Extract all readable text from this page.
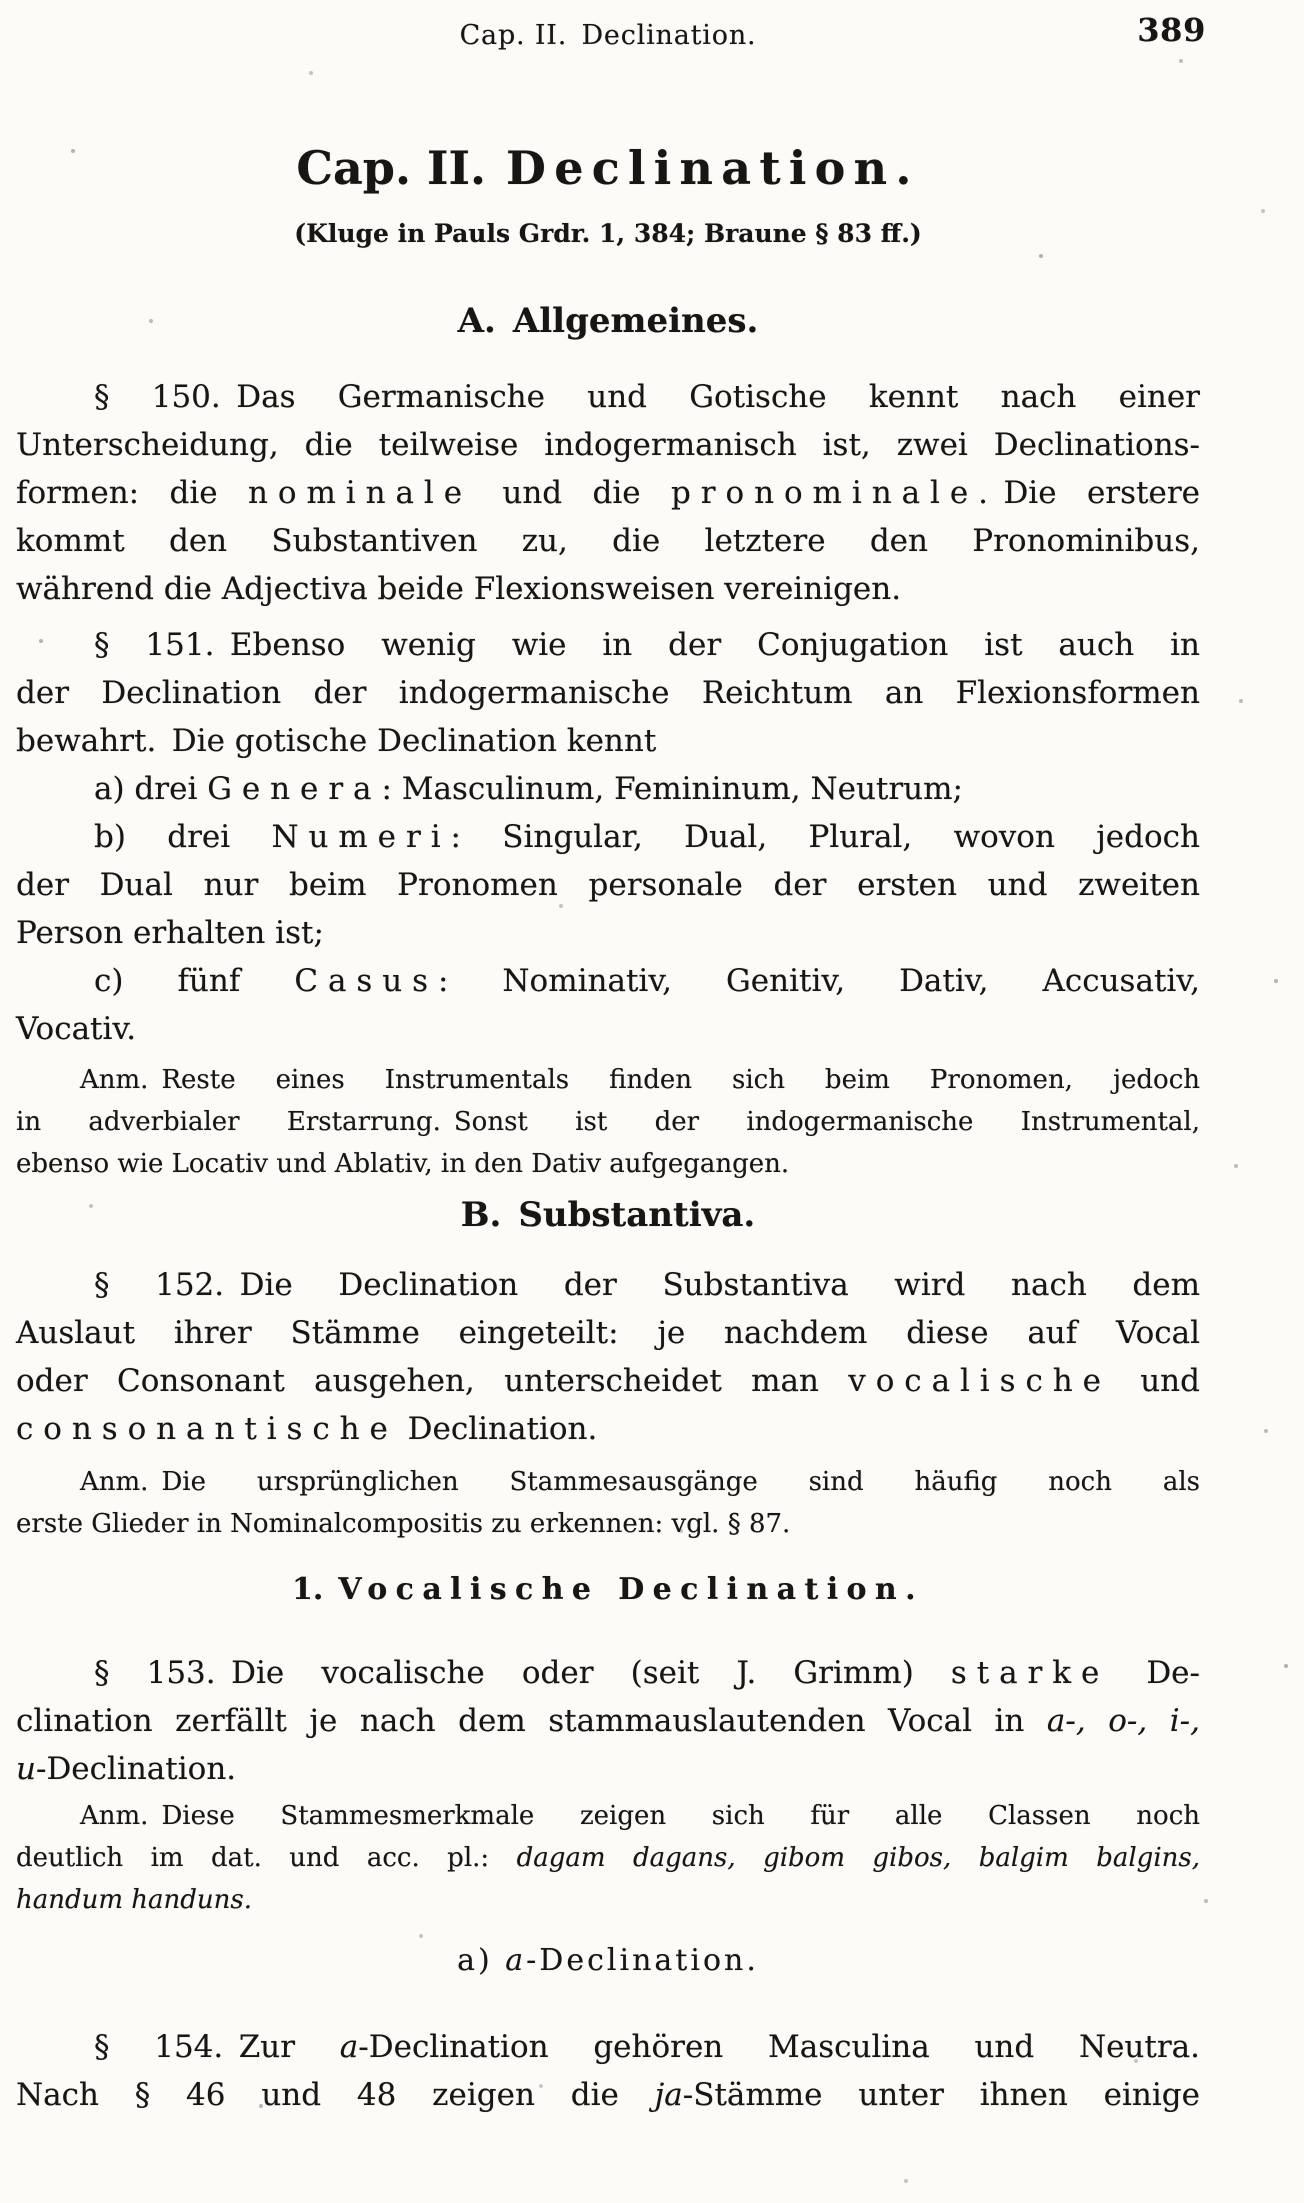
Cap. II. Declination.	389
Cap. II. Declination.
(Kluge in Pauls Grdr. 1, 384; Braune § 83 ff.)
A. Allgemeines.
§ 150. Das Germanische und Gotische kennt nach einer
Unterscheidung, die teilweise indogermanisch ist, zwei Declinations-
formen: die nominale und die pronominale. Die erstere
kommt den Substantiven zu, die letztere den Pronominibus,
während die Adjectiva beide Flexionsweisen vereinigen.
§ 151. Ebenso wenig wie in der Conjugation ist auch in
der Declination der indogermanische Reichtum an Flexionsformen
bewahrt. Die gotische Declination kennt
a) drei Genera: Masculinum, Femininum, Neutrum;
b) drei Numeri: Singular, Dual, Plural, wovon jedoch
der Dual nur beim Pronomen personale der ersten und zweiten
Person erhalten ist;
c) fünf Casus: Nominativ, Genitiv, Dativ, Accusativ,
Vocativ.
Anm. Reste eines Instrumentals finden sich beim Pronomen, jedoch
in adverbialer Erstarrung. Sonst ist der indogermanische Instrumental,
ebenso wie Locativ und Ablativ, in den Dativ aufgegangen.
B. Substantiva.
§ 152. Die Declination der Substantiva wird nach dem
Auslaut ihrer Stämme eingeteilt: je nachdem diese auf Vocal
oder Consonant ausgehen, unterscheidet man vocalische und
consonantische Declination.
Anm. Die ursprünglichen Stammesausgänge sind häufig noch als
erste Glieder in Nominalcompositis zu erkennen: vgl. § 87.
1. Vocalische Declination.
§ 153. Die vocalische oder (seit J. Grimm) starke De-
clination zerfällt je nach dem stammauslautenden Vocal in a-, o-, i-,
u-Declination.
Anm. Diese Stammesmerkmale zeigen sich für alle Classen noch
deutlich im dat. und acc. pl.: dagam dagans, gibom gibos, balgim balgins,
handum handuns.
a) a-Declination.
§ 154. Zur a-Declination gehören Masculina und Neutra.
Nach § 46 und 48 zeigen die ja-Stämme unter ihnen einige
